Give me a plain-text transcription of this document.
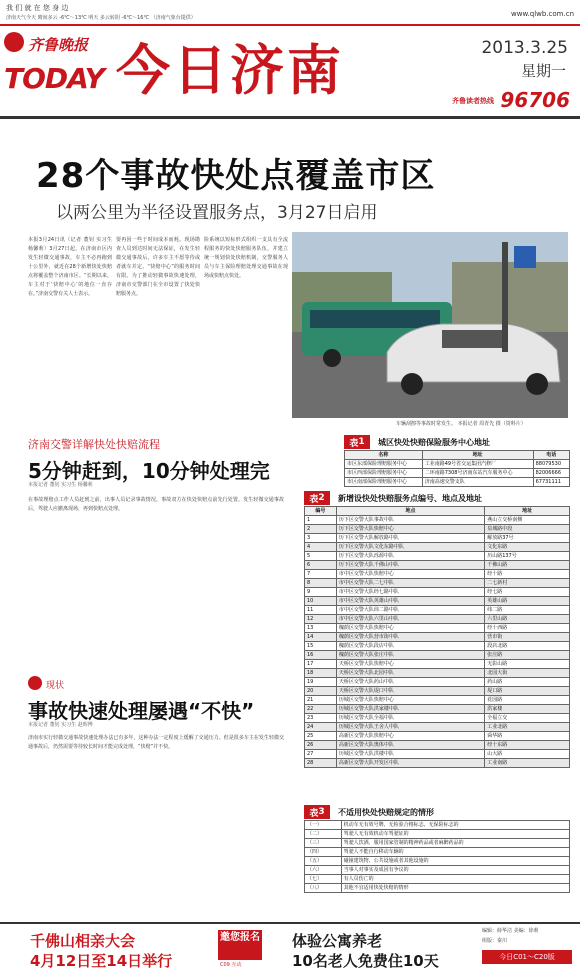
我 们 就 在 您 身 边
济南天气今天 晴间多云 -6℃～13℃ 明天 多云转阴 -6℃～16℃ （济南气象台提供）	www.qlwb.com.cn
齐鲁晚报
TODAY 今日济南	2013.3.25
星期一
齐鲁读者热线 96706
28个事故快处点覆盖市区
以两公里为半径设置服务点，3月27日启用
本报3月24日讯（记者 董钊 实习生 杨馨莉）3月27日起，在济南市区内发生轻微交通事故，车主不必再跑到十公里外，就近在28个新增快处快赔点将覆盖整个济南市区。“长期以来，车主对于‘快赔中心’的地位一直存在。”济南交警有关人士表示。
要再因一些于时间成本而耗。现场勘查人员到达时间无法保证，在发生轻微交通事故后，许多车主不愿等待或者就车并定。“快赔中心”的服务时间有限。为了推动轻微事故快速处理，济南市交警部门在全市设置了快处快赔服务点。
险系统以短标形式组织一支具有全流程服务的快处快赔服务队伍，并建立统一规划快处快赔机制，交警服务人员与车主保险理赔处理交通事故在现场或快赔点快处。
车辆刮擦等事故时常发生。 本报记者 周青先 摄（资料片）
济南交警详解快处快赔流程
5分钟赶到，10分钟处理完
本报记者 董钊 实习生 杨馨莉
在事故理赔点工作人员赶到之前，出事人员记录事故情况。事故双方在快处快赔点前先行处置。发生轻微交通事故后，驾驶人应撤离现场，再到快赔点处理。
现状
事故快速处理屡遇“不快”
本报记者 董钊 实习生 赵晖博
济南市实行轻微交通事故快速处理办法已有多年，这种办法一定程度上缓解了交通压力。但是很多车主在发生轻微交通事故后，仍然需要等待较长时间才能完成处理，“快赔”并不快。
表 1 城区快处快赔保险服务中心地址
名称	地址	电话
市区东部保险理赔服务中心	工业南路49号省交运集团汽修厂	88079530
市区西部保险理赔服务中心	二环南路7308号济南东站汽车服务中心	82006666
市区南部保险理赔服务中心	济南高速交警支队	67731111
表 2 新增设快处快赔服务点编号、地点及地址
编号	地点	地址
1	历下区交警大队事故中队	燕山立交桥南侧
2	历下区交警大队快赔中心	泉城路中段
3	历下区交警大队解放路中队	解放路37号
4	历下区交警大队文化东路中队	文化东路
5	历下区交警大队泺源中队	历山路137号
6	历下区交警大队千佛山中队	千佛山路
7	市中区交警大队快赔中心	经十路
8	市中区交警大队二七中队	二七新村
9	市中区交警大队经七路中队	经七路
10	市中区交警大队英雄山中队	英雄山路
11	市中区交警大队纬二路中队	纬二路
12	市中区交警大队六里山中队	六里山路
13	槐荫区交警大队快赔中心	经十西路
14	槐荫区交警大队营市街中队	营市街
15	槐荫区交警大队段店中队	段店北路
16	槐荫区交警大队张庄中队	张庄路
17	天桥区交警大队快赔中心	无影山路
18	天桥区交警大队北园中队	北园大街
19	天桥区交警大队药山中队	药山路
20	天桥区交警大队堤口中队	堤口路
21	历城区交警大队快赔中心	花园路
22	历城区交警大队洪家楼中队	洪家楼
23	历城区交警大队全福中队	全福立交
24	历城区交警大队王舍人中队	工业北路
25	高新区交警大队快赔中心	舜华路
26	高新区交警大队奥体中队	经十东路
27	历城区交警大队洪楼中队	山大路
28	高新区交警大队开发区中队	工业南路
表 3 不适用快处快赔规定的情形
（一）	机动车无有效号牌、无检验合格标志、无保险标志的
（二）	驾驶人无有效机动车驾驶证的
（三）	驾驶人饮酒、服用国家管制的精神药品或者麻醉药品的
（四）	驾驶人不能自行移动车辆的
（五）	碰撞建筑物、公共设施或者其他设施的
（六）	当事人对事实及成因有争议的
（七）	有人员伤亡的
（八）	其他不宜适用快处快赔的情形
千佛山相亲大会
4月12日至14日举行
邀您报名
C09 互动
体验公寓养老
10名老人免费住10天
编辑：薛华洁 美编：徐莉
组版：秦川
今日C01～C20版
